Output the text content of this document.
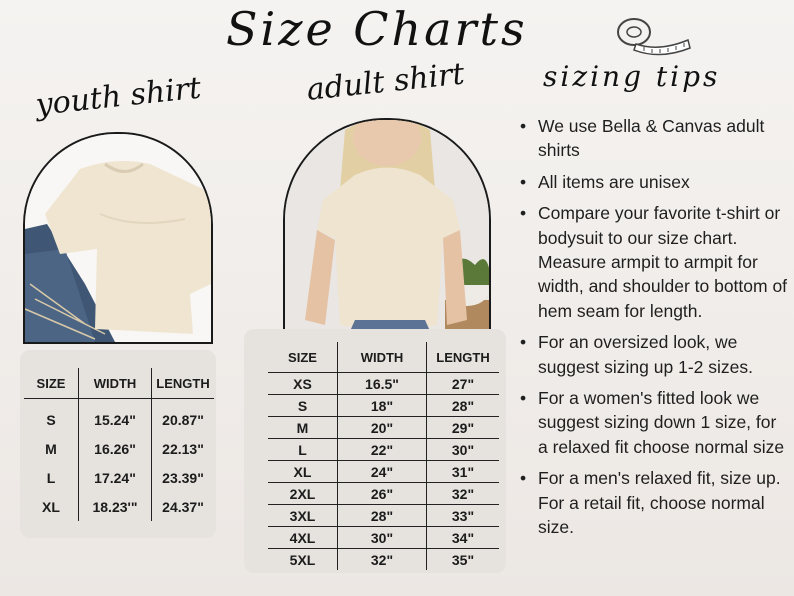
Size Charts
youth shirt	adult shirt	sizing tips
SIZE	WIDTH	LENGTH
S	15.24"	20.87"
M	16.26"	22.13"
L	17.24"	23.39"
XL	18.23'"	24.37"
SIZE	WIDTH	LENGTH
XS	16.5"	27"
S	18"	28"
M	20"	29"
L	22"	30"
XL	24"	31"
2XL	26"	32"
3XL	28"	33"
4XL	30"	34"
5XL	32"	35"
• We use Bella & Canvas adult shirts
• All items are unisex
• Compare your favorite t-shirt or bodysuit to our size chart. Measure armpit to armpit for width, and shoulder to bottom of hem seam for length.
• For an oversized look, we suggest sizing up 1-2 sizes.
• For a women's fitted look we suggest sizing down 1 size, for a relaxed fit choose normal size
• For a men's relaxed fit, size up. For a retail fit, choose normal size.
